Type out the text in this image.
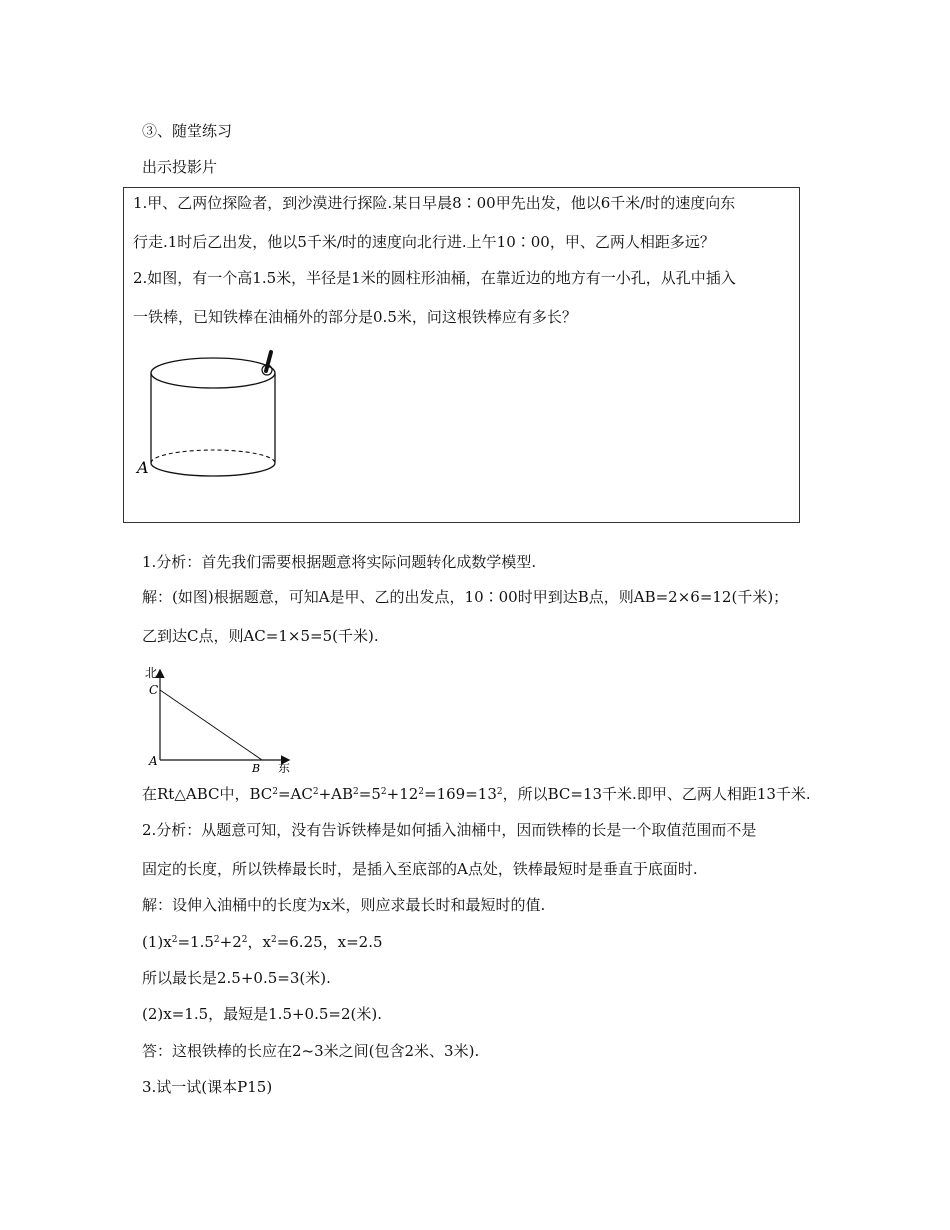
③、随堂练习
出示投影片
1.甲、乙两位探险者，到沙漠进行探险.某日早晨8∶00甲先出发，他以6千米/时的速度向东
行走.1时后乙出发，他以5千米/时的速度向北行进.上午10∶00，甲、乙两人相距多远？
2.如图，有一个高1.5米，半径是1米的圆柱形油桶，在靠近边的地方有一小孔，从孔中插入
一铁棒，已知铁棒在油桶外的部分是0.5米，问这根铁棒应有多长？
A
1.分析：首先我们需要根据题意将实际问题转化成数学模型.
解：(如图)根据题意，可知A是甲、乙的出发点，10∶00时甲到达B点，则AB=2×6=12(千米)；
乙到达C点，则AC=1×5=5(千米).
北
东
C
A
B
在Rt△ABC中，$BC^2=AC^2+AB^2=5^2+12^2=169=13^2$，所以BC=13千米.即甲、乙两人相距13千米.
2.分析：从题意可知，没有告诉铁棒是如何插入油桶中，因而铁棒的长是一个取值范围而不是
固定的长度，所以铁棒最长时，是插入至底部的A点处，铁棒最短时是垂直于底面时.
解：设伸入油桶中的长度为x米，则应求最长时和最短时的值.
$(1)x^2=1.5^2+2^2$，$x^2=6.25$，x=2.5
所以最长是2.5+0.5=3(米).
(2)x=1.5，最短是1.5+0.5=2(米).
答：这根铁棒的长应在2~3米之间(包含2米、3米).
3.试一试(课本P15)
